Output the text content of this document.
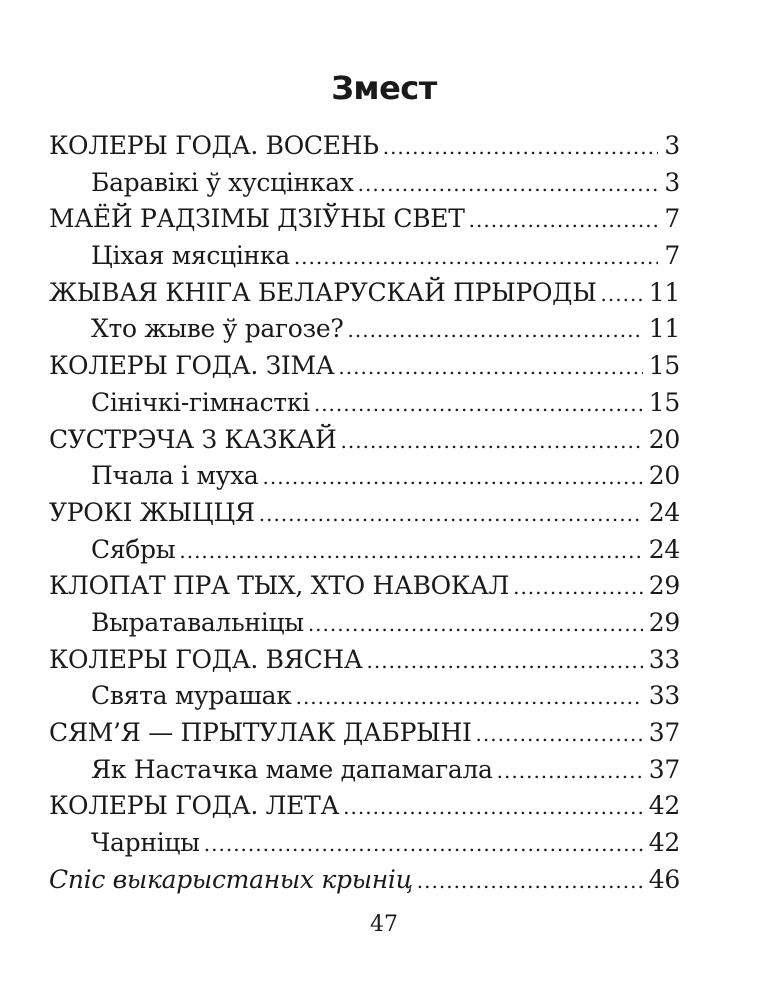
Змест
КОЛЕРЫ ГОДА. ВОСЕНЬ .....	3
Баравікі ў хусцінках .....	3
МАЁЙ РАДЗІМЫ ДЗІЎНЫ СВЕТ .....	7
Ціхая мясцінка .....	7
ЖЫВАЯ КНІГА БЕЛАРУСКАЙ ПРЫРОДЫ ..... 11
Хто жыве ў рагозе? .....	11
КОЛЕРЫ ГОДА. ЗІМА .....	15
Сінічкі-гімнасткі .....	15
СУСТРЭЧА З КАЗКАЙ .....	20
Пчала і муха .....	20
УРОКІ ЖЫЦЦЯ .....	24
Сябры .....	24
КЛОПАТ ПРА ТЫХ, ХТО НАВОКАЛ .....	29
Выратавальніцы .....	29
КОЛЕРЫ ГОДА. ВЯСНА .....	33
Свята мурашак .....	33
СЯМ’Я — ПРЫТУЛАК ДАБРЫНІ .....	37
Як Настачка маме дапамагала .....	37
КОЛЕРЫ ГОДА. ЛЕТА .....	42
Чарніцы .....	42
Спіс выкарыстаных крыніц .....	46
47
